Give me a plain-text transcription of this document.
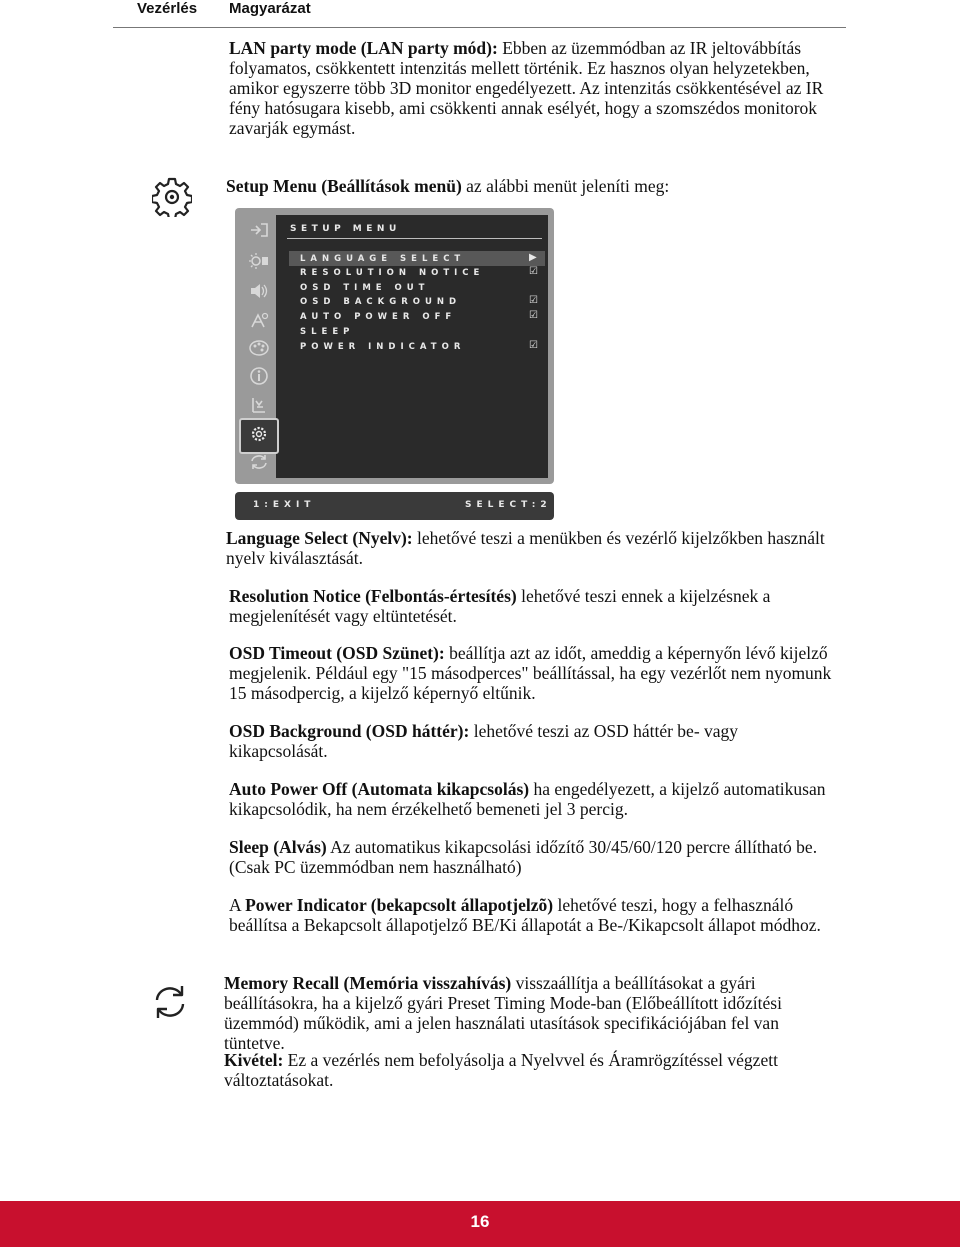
Vezérlés Magyarázat
LAN party mode (LAN party mód): Ebben az üzemmódban az IR jeltovábbítás folyamatos, csökkentett intenzitás mellett történik. Ez hasznos olyan helyzetekben, amikor egyszerre több 3D monitor engedélyezett. Az intenzitás csökkentésével az IR fény hatósugara kisebb, ami csökkenti annak esélyét, hogy a szomszédos monitorok zavarják egymást.
Setup Menu (Beállítások menü) az alábbi menüt jeleníti meg:
SETUP MENU
LANGUAGE SELECT	▶
RESOLUTION NOTICE	☑
OSD TIME OUT
OSD BACKGROUND	☑
AUTO POWER OFF	☑
SLEEP
POWER INDICATOR	☑
1:EXIT	SELECT:2
Language Select (Nyelv): lehetővé teszi a menükben és vezérlő kijelzőkben használt nyelv kiválasztását.
Resolution Notice (Felbontás-értesítés) lehetővé teszi ennek a kijelzésnek a megjelenítését vagy eltüntetését.
OSD Timeout (OSD Szünet): beállítja azt az időt, ameddig a képernyőn lévő kijelző megjelenik. Például egy "15 másodperces" beállítással, ha egy vezérlőt nem nyomunk 15 másodpercig, a kijelző képernyő eltűnik.
OSD Background (OSD háttér): lehetővé teszi az OSD háttér be- vagy kikapcsolását.
Auto Power Off (Automata kikapcsolás) ha engedélyezett, a kijelző automatikusan kikapcsolódik, ha nem érzékelhető bemeneti jel 3 percig.
Sleep (Alvás) Az automatikus kikapcsolási időzítő 30/45/60/120 percre állítható be. (Csak PC üzemmódban nem használható)
A Power Indicator (bekapcsolt állapotjelzõ) lehetővé teszi, hogy a felhasználó beállítsa a Bekapcsolt állapotjelző BE/Ki állapotát a Be-/Kikapcsolt állapot módhoz.
Memory Recall (Memória visszahívás) visszaállítja a beállításokat a gyári beállításokra, ha a kijelző gyári Preset Timing Mode-ban (Előbeállított időzítési üzemmód) működik, ami a jelen használati utasítások specifikációjában fel van tüntetve.
Kivétel: Ez a vezérlés nem befolyásolja a Nyelvvel és Áramrögzítéssel végzett változtatásokat.
16
